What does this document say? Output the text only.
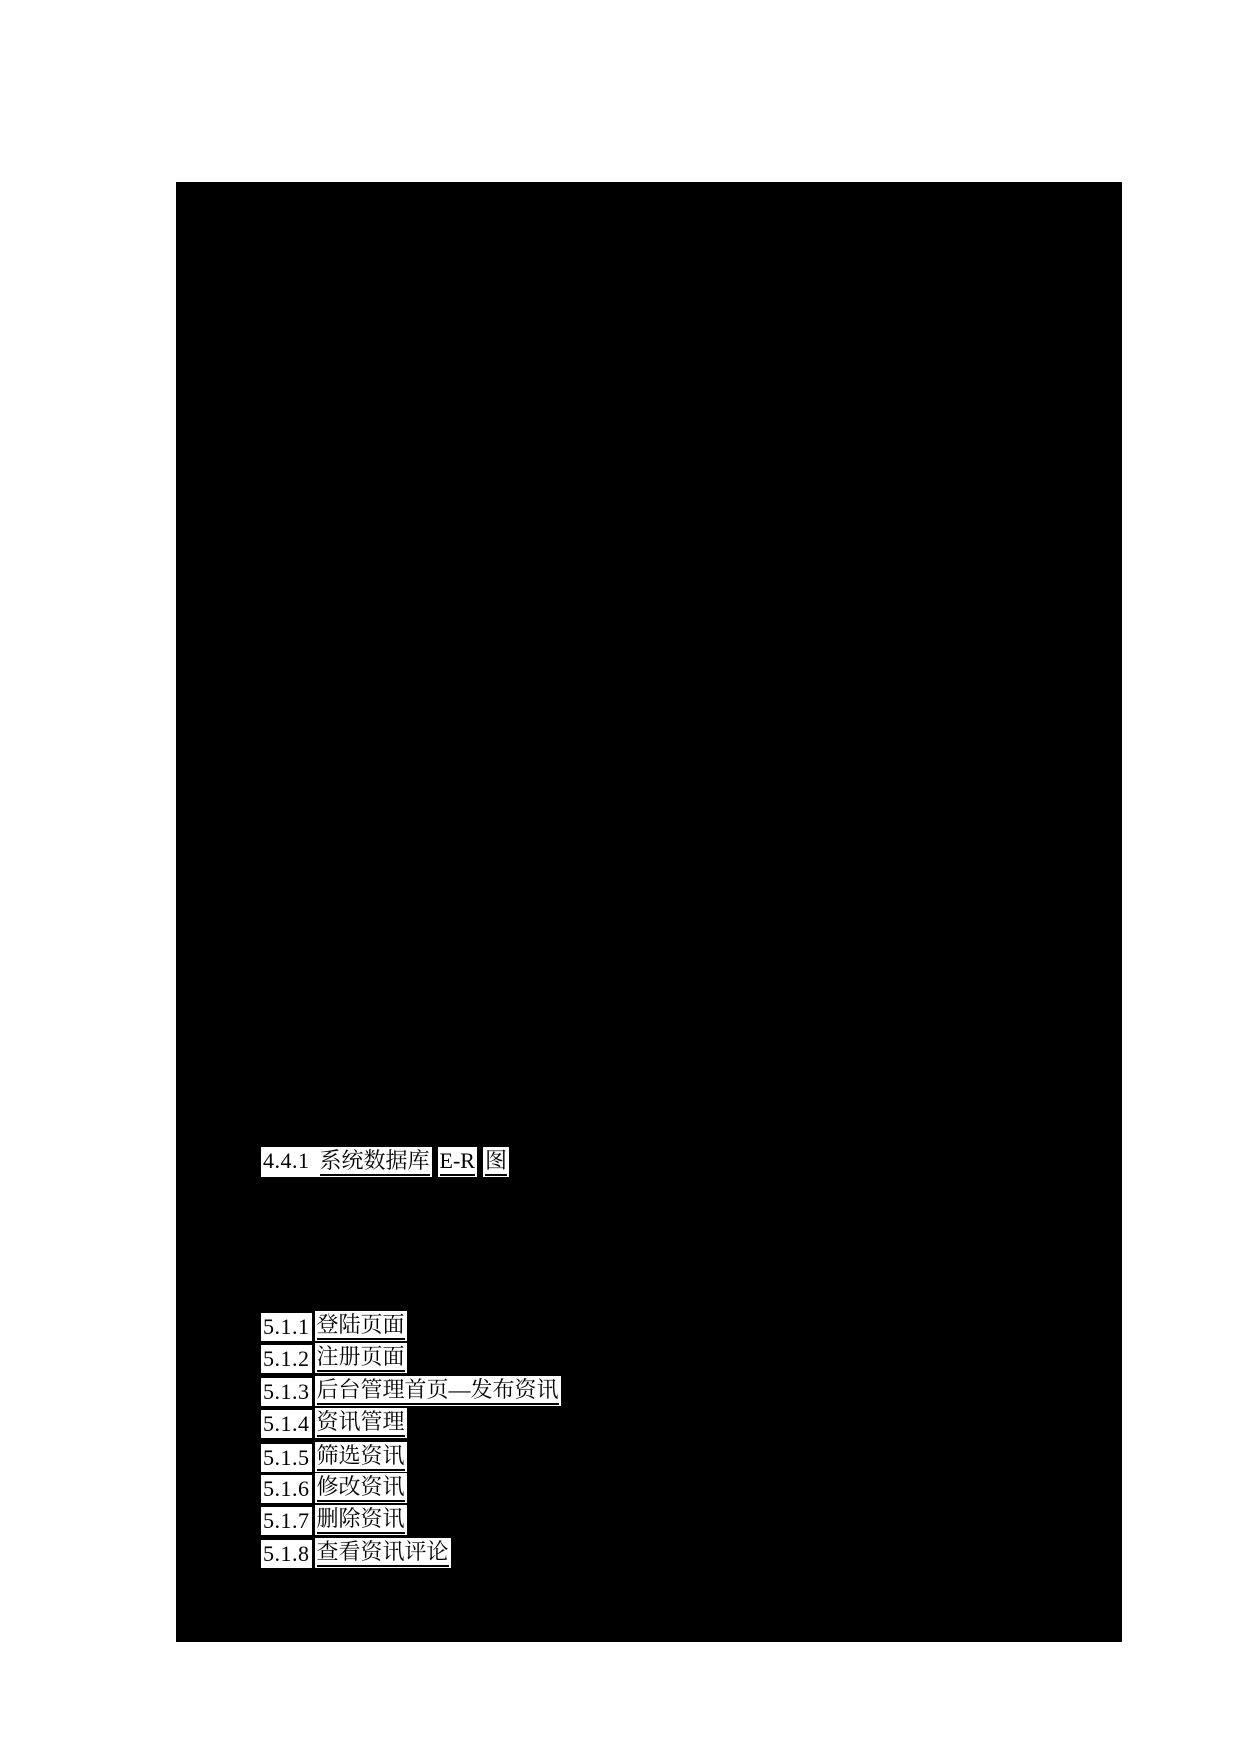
4.4.1 系统数据库 E-R 图
5.1.1 登陆页面
5.1.2 注册页面
5.1.3 后台管理首页—发布资讯
5.1.4 资讯管理
5.1.5 筛选资讯
5.1.6 修改资讯
5.1.7 删除资讯
5.1.8 查看资讯评论
